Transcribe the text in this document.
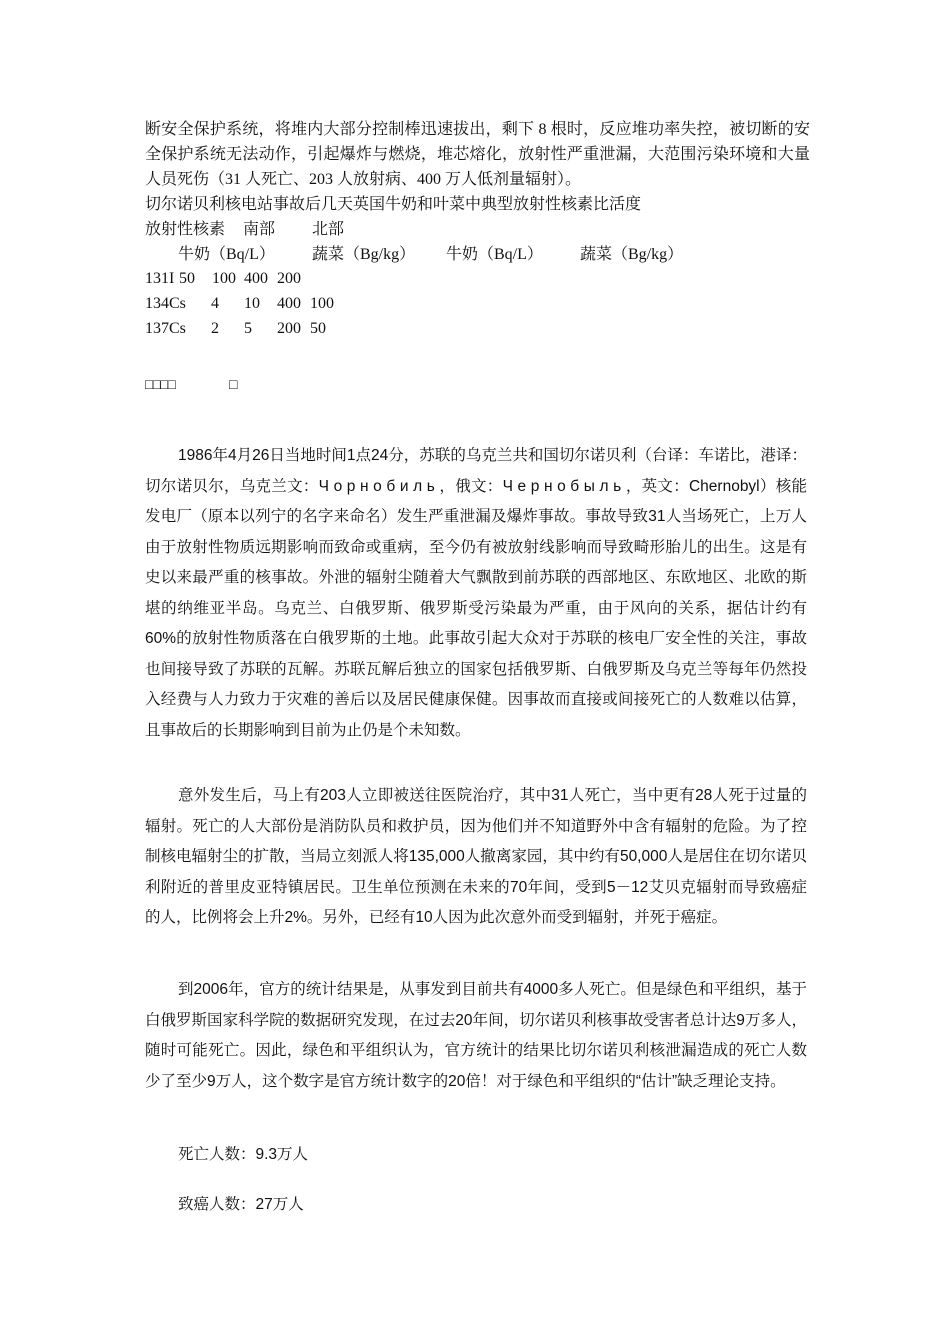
断安全保护系统，将堆内大部分控制棒迅速拔出，剩下 8 根时，反应堆功率失控，被切断的安全保护系统无法动作，引起爆炸与燃烧，堆芯熔化，放射性严重泄漏，大范围污染环境和大量人员死伤（31 人死亡、203 人放射病、400 万人低剂量辐射）。

切尔诺贝利核电站事故后几天英国牛奶和叶菜中典型放射性核素比活度
放射性核素 南部 北部
牛奶（Bq/L） 蔬菜（Bg/kg） 牛奶（Bq/L） 蔬菜（Bg/kg）
131I 50 100 400 200
134Cs 4 10 400 100
137Cs 2 5 200 50
□□□□	□

1986年4月26日当地时间1点24分，苏联的乌克兰共和国切尔诺贝利（台译：车诺比，港译：切尔诺贝尔，乌克兰文：Ч о р н о б и л ь ，俄文：Ч е р н о б ы л ь ，英文：Chernobyl）核能发电厂（原本以列宁的名字来命名）发生严重泄漏及爆炸事故。事故导致31人当场死亡，上万人由于放射性物质远期影响而致命或重病，至今仍有被放射线影响而导致畸形胎儿的出生。这是有史以来最严重的核事故。外泄的辐射尘随着大气飘散到前苏联的西部地区、东欧地区、北欧的斯堪的纳维亚半岛。乌克兰、白俄罗斯、俄罗斯受污染最为严重，由于风向的关系，据估计约有60%的放射性物质落在白俄罗斯的土地。此事故引起大众对于苏联的核电厂安全性的关注，事故也间接导致了苏联的瓦解。苏联瓦解后独立的国家包括俄罗斯、白俄罗斯及乌克兰等每年仍然投入经费与人力致力于灾难的善后以及居民健康保健。因事故而直接或间接死亡的人数难以估算，且事故后的长期影响到目前为止仍是个未知数。

意外发生后，马上有203人立即被送往医院治疗，其中31人死亡，当中更有28人死于过量的辐射。死亡的人大部份是消防队员和救护员，因为他们并不知道野外中含有辐射的危险。为了控制核电辐射尘的扩散，当局立刻派人将135,000人撤离家园，其中约有50,000人是居住在切尔诺贝利附近的普里皮亚特镇居民。卫生单位预测在未来的70年间，受到5－12艾贝克辐射而导致癌症的人，比例将会上升2%。另外，已经有10人因为此次意外而受到辐射，并死于癌症。

到2006年，官方的统计结果是，从事发到目前共有4000多人死亡。但是绿色和平组织，基于白俄罗斯国家科学院的数据研究发现，在过去20年间，切尔诺贝利核事故受害者总计达9万多人，随时可能死亡。因此，绿色和平组织认为，官方统计的结果比切尔诺贝利核泄漏造成的死亡人数少了至少9万人，这个数字是官方统计数字的20倍！对于绿色和平组织的“估计”缺乏理论支持。

死亡人数：9.3万人
致癌人数：27万人
